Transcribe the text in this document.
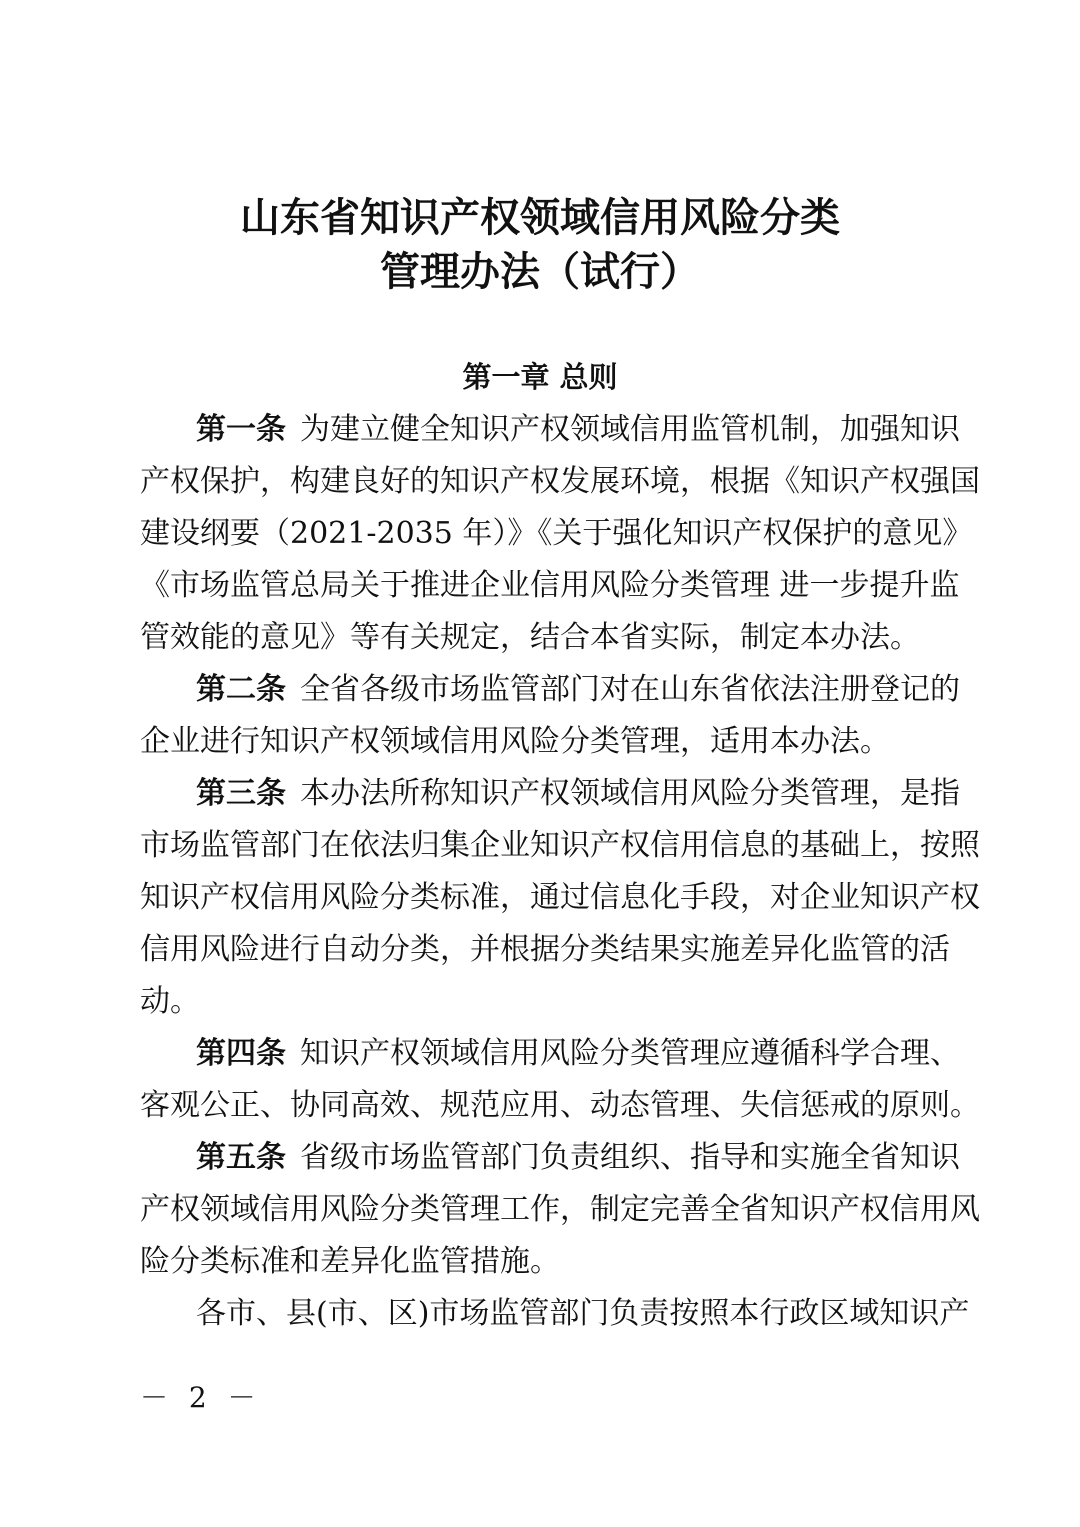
山东省知识产权领域信用风险分类
管理办法（试行）
第一章 总则
第一条 为建立健全知识产权领域信用监管机制，加强知识
产权保护，构建良好的知识产权发展环境，根据《知识产权强国
建设纲要（2021-2035 年）》《关于强化知识产权保护的意见》
《市场监管总局关于推进企业信用风险分类管理 进一步提升监
管效能的意见》等有关规定，结合本省实际，制定本办法。
第二条 全省各级市场监管部门对在山东省依法注册登记的
企业进行知识产权领域信用风险分类管理，适用本办法。
第三条 本办法所称知识产权领域信用风险分类管理，是指
市场监管部门在依法归集企业知识产权信用信息的基础上，按照
知识产权信用风险分类标准，通过信息化手段，对企业知识产权
信用风险进行自动分类，并根据分类结果实施差异化监管的活
动。
第四条 知识产权领域信用风险分类管理应遵循科学合理、
客观公正、协同高效、规范应用、动态管理、失信惩戒的原则。
第五条 省级市场监管部门负责组织、指导和实施全省知识
产权领域信用风险分类管理工作，制定完善全省知识产权信用风
险分类标准和差异化监管措施。
各市、县(市、区)市场监管部门负责按照本行政区域知识产
－ 2 －
